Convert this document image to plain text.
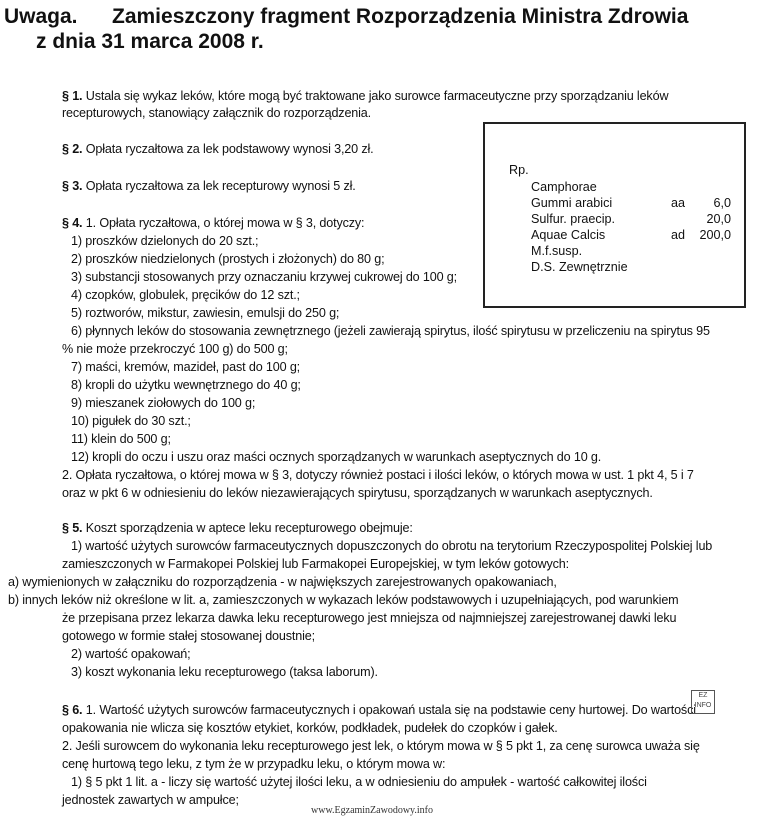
Uwaga. Zamieszczony fragment Rozporządzenia Ministra Zdrowia
z dnia 31 marca 2008 r.
§ 1. Ustala się wykaz leków, które mogą być traktowane jako surowce farmaceutyczne przy sporządzaniu leków
recepturowych, stanowiący załącznik do rozporządzenia.
§ 2. Opłata ryczałtowa za lek podstawowy wynosi 3,20 zł.
§ 3. Opłata ryczałtowa za lek recepturowy wynosi 5 zł.
§ 4. 1. Opłata ryczałtowa, o której mowa w § 3, dotyczy:
1) proszków dzielonych do 20 szt.;
2) proszków niedzielonych (prostych i złożonych) do 80 g;
3) substancji stosowanych przy oznaczaniu krzywej cukrowej do 100 g;
4) czopków, globulek, pręcików do 12 szt.;
5) roztworów, mikstur, zawiesin, emulsji do 250 g;
6) płynnych leków do stosowania zewnętrznego (jeżeli zawierają spirytus, ilość spirytusu w przeliczeniu na spirytus 95
% nie może przekroczyć 100 g) do 500 g;
7) maści, kremów, mazideł, past do 100 g;
8) kropli do użytku wewnętrznego do 40 g;
9) mieszanek ziołowych do 100 g;
10) pigułek do 30 szt.;
11) klein do 500 g;
12) kropli do oczu i uszu oraz maści ocznych sporządzanych w warunkach aseptycznych do 10 g.
2. Opłata ryczałtowa, o której mowa w § 3, dotyczy również postaci i ilości leków, o których mowa w ust. 1 pkt 4, 5 i 7
oraz w pkt 6 w odniesieniu do leków niezawierających spirytusu, sporządzanych w warunkach aseptycznych.
§ 5. Koszt sporządzenia w aptece leku recepturowego obejmuje:
1) wartość użytych surowców farmaceutycznych dopuszczonych do obrotu na terytorium Rzeczypospolitej Polskiej lub
zamieszczonych w Farmakopei Polskiej lub Farmakopei Europejskiej, w tym leków gotowych:
a) wymienionych w załączniku do rozporządzenia - w największych zarejestrowanych opakowaniach,
b) innych leków niż określone w lit. a, zamieszczonych w wykazach leków podstawowych i uzupełniających, pod warunkiem
że przepisana przez lekarza dawka leku recepturowego jest mniejsza od najmniejszej zarejestrowanej dawki leku
gotowego w formie stałej stosowanej doustnie;
2) wartość opakowań;
3) koszt wykonania leku recepturowego (taksa laborum).
§ 6. 1. Wartość użytych surowców farmaceutycznych i opakowań ustala się na podstawie ceny hurtowej. Do wartości
opakowania nie wlicza się kosztów etykiet, korków, podkładek, pudełek do czopków i gałek.
2. Jeśli surowcem do wykonania leku recepturowego jest lek, o którym mowa w § 5 pkt 1, za cenę surowca uważa się
cenę hurtową tego leku, z tym że w przypadku leku, o którym mowa w:
1) § 5 pkt 1 lit. a - liczy się wartość użytej ilości leku, a w odniesieniu do ampułek - wartość całkowitej ilości
jednostek zawartych w ampułce;
Rp.
Camphorae
Gummi arabici	aa 6,0
Sulfur. praecip.	20,0
Aquae Calcis	ad 200,0
M.f.susp.
D.S. Zewnętrznie
EZ INFO
www.EgzaminZawodowy.info
